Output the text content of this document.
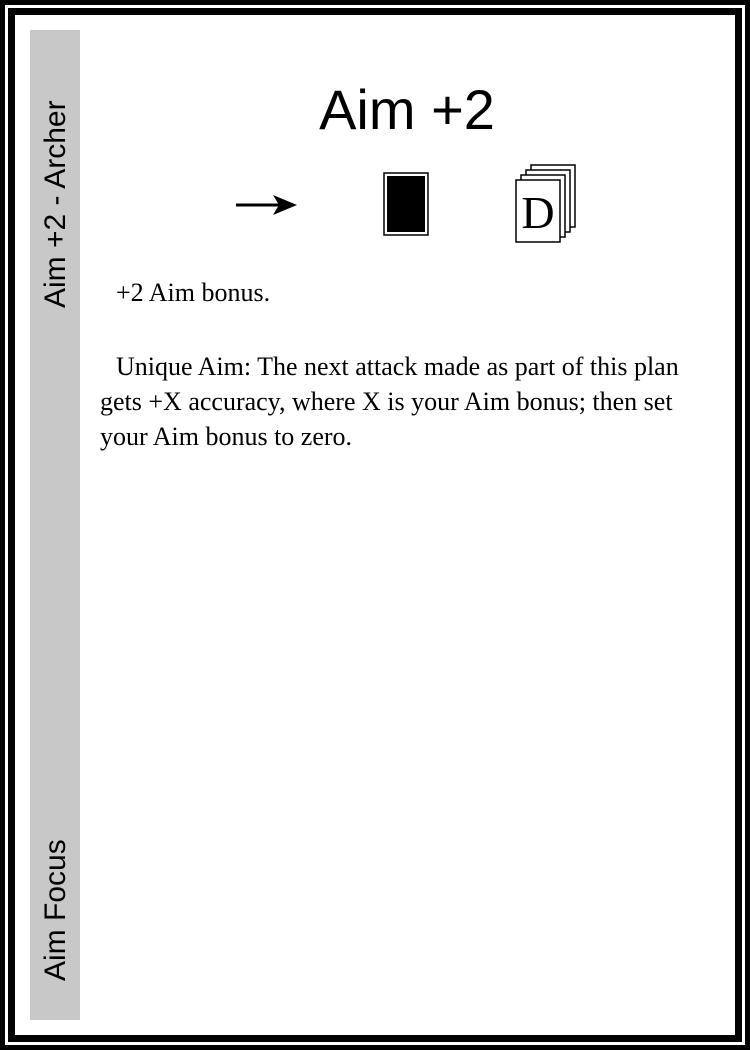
Aim +2 - Archer
Aim Focus
Aim +2
D
+2 Aim bonus.
Unique Aim: The next attack made as part of this plan gets +X accuracy, where X is your Aim bonus; then set your Aim bonus to zero.
